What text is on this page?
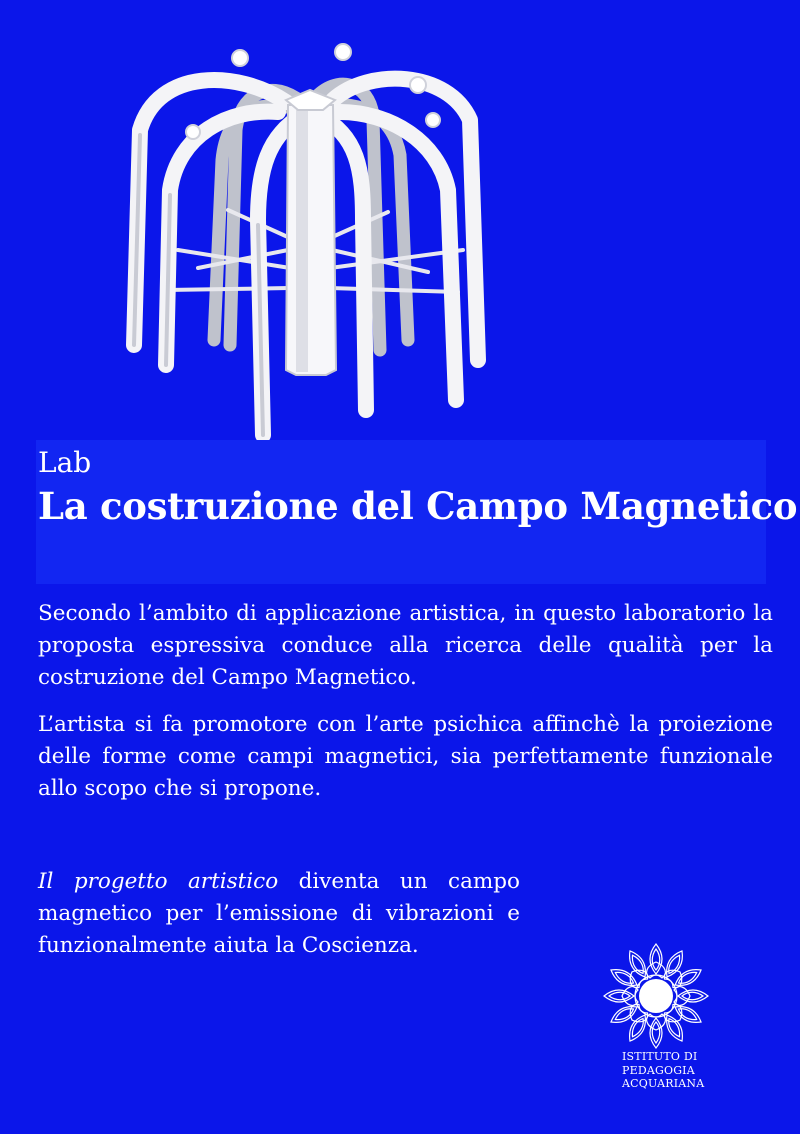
Lab
La costruzione del Campo Magnetico

Secondo l’ambito di applicazione artistica, in questo laboratorio la proposta espressiva conduce alla ricerca delle qualità per la costruzione del Campo Magnetico.

L’artista si fa promotore con l’arte psichica affinchè la proiezione delle forme come campi magnetici, sia perfettamente funzionale allo scopo che si propone.

Il progetto artistico diventa un campo magnetico per l’emissione di vibrazioni e funzionalmente aiuta la Coscienza.

ISTITUTO DI
PEDAGOGIA
ACQUARIANA
